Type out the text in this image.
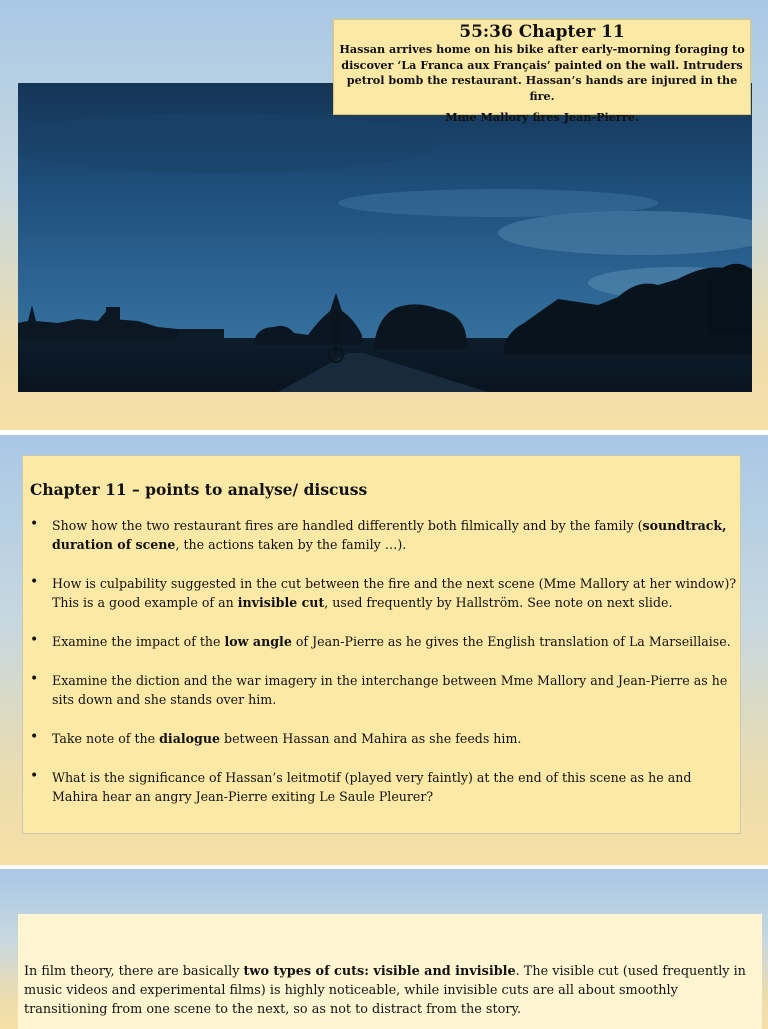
55:36 Chapter 11
Hassan arrives home on his bike after early-morning foraging to discover ‘La Franca aux Français’ painted on the wall. Intruders petrol bomb the restaurant. Hassan’s hands are injured in the fire.
Mme Mallory fires Jean-Pierre.
Chapter 11 – points to analyse/ discuss
• Show how the two restaurant fires are handled differently both filmically and by the family (soundtrack, duration of scene, the actions taken by the family …).
• How is culpability suggested in the cut between the fire and the next scene (Mme Mallory at her window)? This is a good example of an invisible cut, used frequently by Hallström. See note on next slide.
• Examine the impact of the low angle of Jean-Pierre as he gives the English translation of La Marseillaise.
• Examine the diction and the war imagery in the interchange between Mme Mallory and Jean-Pierre as he sits down and she stands over him.
• Take note of the dialogue between Hassan and Mahira as she feeds him.
• What is the significance of Hassan’s leitmotif (played very faintly) at the end of this scene as he and Mahira hear an angry Jean-Pierre exiting Le Saule Pleurer?
In film theory, there are basically two types of cuts: visible and invisible. The visible cut (used frequently in music videos and experimental films) is highly noticeable, while invisible cuts are all about smoothly transitioning from one scene to the next, so as not to distract from the story.
